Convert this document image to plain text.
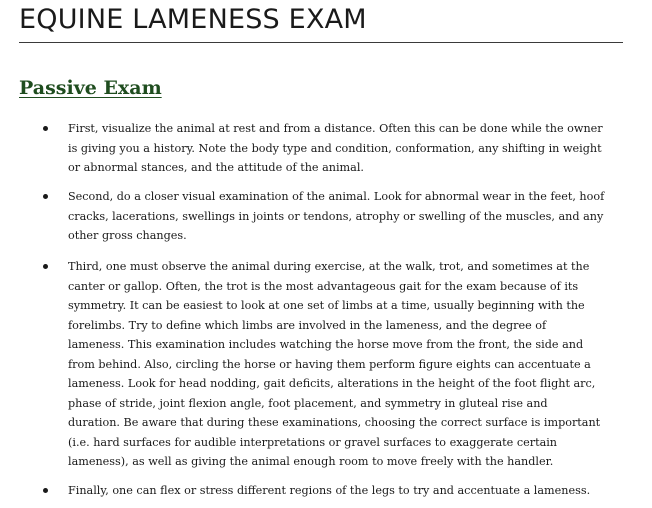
EQUINE LAMENESS EXAM
Passive Exam

First, visualize the animal at rest and from a distance. Often this can be done while the owner
is giving you a history. Note the body type and condition, conformation, any shifting in weight
or abnormal stances, and the attitude of the animal.

Second, do a closer visual examination of the animal. Look for abnormal wear in the feet, hoof
cracks, lacerations, swellings in joints or tendons, atrophy or swelling of the muscles, and any
other gross changes.

Third, one must observe the animal during exercise, at the walk, trot, and sometimes at the
canter or gallop. Often, the trot is the most advantageous gait for the exam because of its
symmetry. It can be easiest to look at one set of limbs at a time, usually beginning with the
forelimbs. Try to define which limbs are involved in the lameness, and the degree of
lameness. This examination includes watching the horse move from the front, the side and
from behind. Also, circling the horse or having them perform figure eights can accentuate a
lameness. Look for head nodding, gait deficits, alterations in the height of the foot flight arc,
phase of stride, joint flexion angle, foot placement, and symmetry in gluteal rise and
duration. Be aware that during these examinations, choosing the correct surface is important
(i.e. hard surfaces for audible interpretations or gravel surfaces to exaggerate certain
lameness), as well as giving the animal enough room to move freely with the handler.

Finally, one can flex or stress different regions of the legs to try and accentuate a lameness.
